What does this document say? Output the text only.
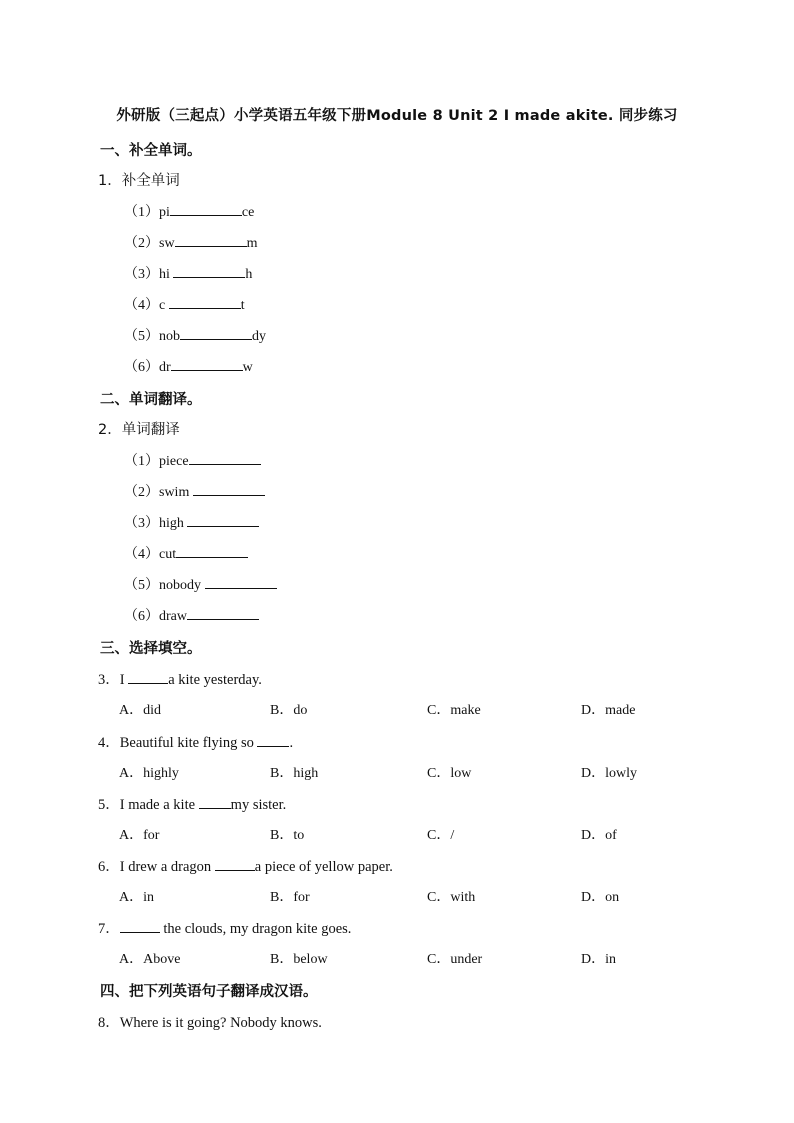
外研版（三起点）小学英语五年级下册Module 8 Unit 2 I made akite. 同步练习
一、补全单词。
1．补全单词
（1）pi	ce
（2）sw	m
（3）hi	h
（4）c	t
（5）nob	dy
（6）dr	w
二、单词翻译。
2．单词翻译
（1）piece
（2）swim
（3）high
（4）cut
（5）nobody
（6）draw
三、选择填空。
3．I	a kite yesterday.
A．did	B．do	C．make	D．made
4．Beautiful kite flying so .
A．highly	B．high	C．low	D．lowly
5．I made a kite my sister.
A．for	B．to	C．/	D．of
6．I drew a dragon	a piece of yellow paper.
A．in	B．for	C．with	D．on
7．	the clouds, my dragon kite goes.
A．Above	B．below	C．under	D．in
四、把下列英语句子翻译成汉语。
8．Where is it going? Nobody knows.
